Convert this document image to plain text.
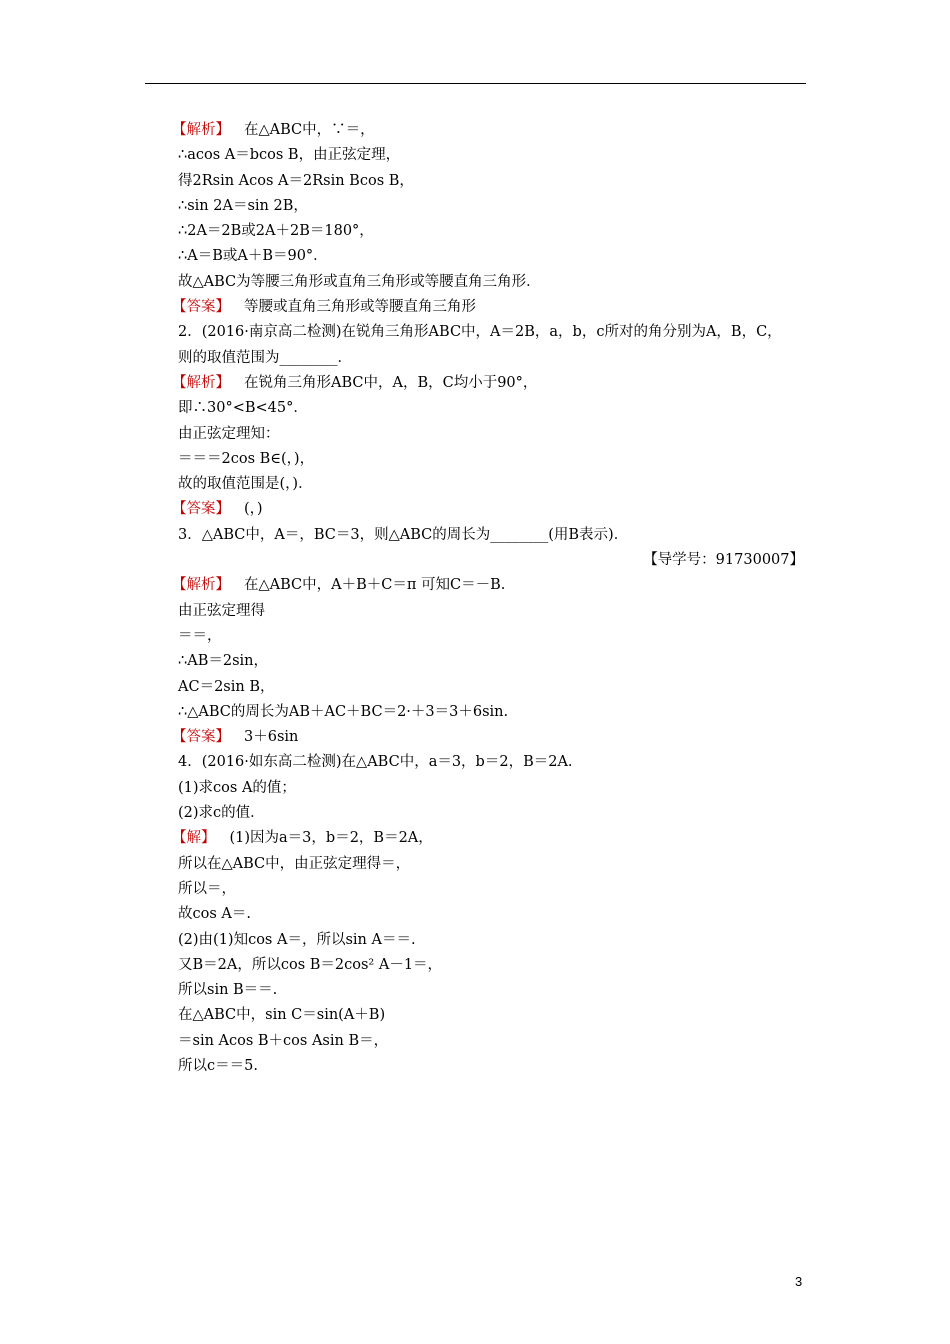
【解析】 在△ABC中，∵＝，
∴acos A＝bcos B，由正弦定理，
得2Rsin Acos A＝2Rsin Bcos B，
∴sin 2A＝sin 2B，
∴2A＝2B或2A＋2B＝180°，
∴A＝B或A＋B＝90°．
故△ABC为等腰三角形或直角三角形或等腰直角三角形．
【答案】 等腰或直角三角形或等腰直角三角形
2．(2016·南京高二检测)在锐角三角形ABC中，A＝2B，a，b，c所对的角分别为A，B，C，
则的取值范围为________．
【解析】 在锐角三角形ABC中，A，B，C均小于90°，
即∴30°<B<45°．
由正弦定理知：
＝＝＝2cos B∈(，)，
故的取值范围是(，)．
【答案】 (，)
3．△ABC中，A＝，BC＝3，则△ABC的周长为________(用B表示)．
【导学号：91730007】
【解析】 在△ABC中，A＋B＋C＝π 可知C＝－B.
由正弦定理得
＝＝，
∴AB＝2sin，
AC＝2sin B，
∴△ABC的周长为AB＋AC＋BC＝2·＋3＝3＋6sin.
【答案】 3＋6sin
4．(2016·如东高二检测)在△ABC中，a＝3，b＝2，B＝2A.
(1)求cos A的值；
(2)求c的值．
【解】 (1)因为a＝3，b＝2，B＝2A，
所以在△ABC中，由正弦定理得＝，
所以＝，
故cos A＝.
(2)由(1)知cos A＝，所以sin A＝＝.
又B＝2A，所以cos B＝2cos² A－1＝，
所以sin B＝＝.
在△ABC中，sin C＝sin(A＋B)
＝sin Acos B＋cos Asin B＝，
所以c＝＝5.
3
